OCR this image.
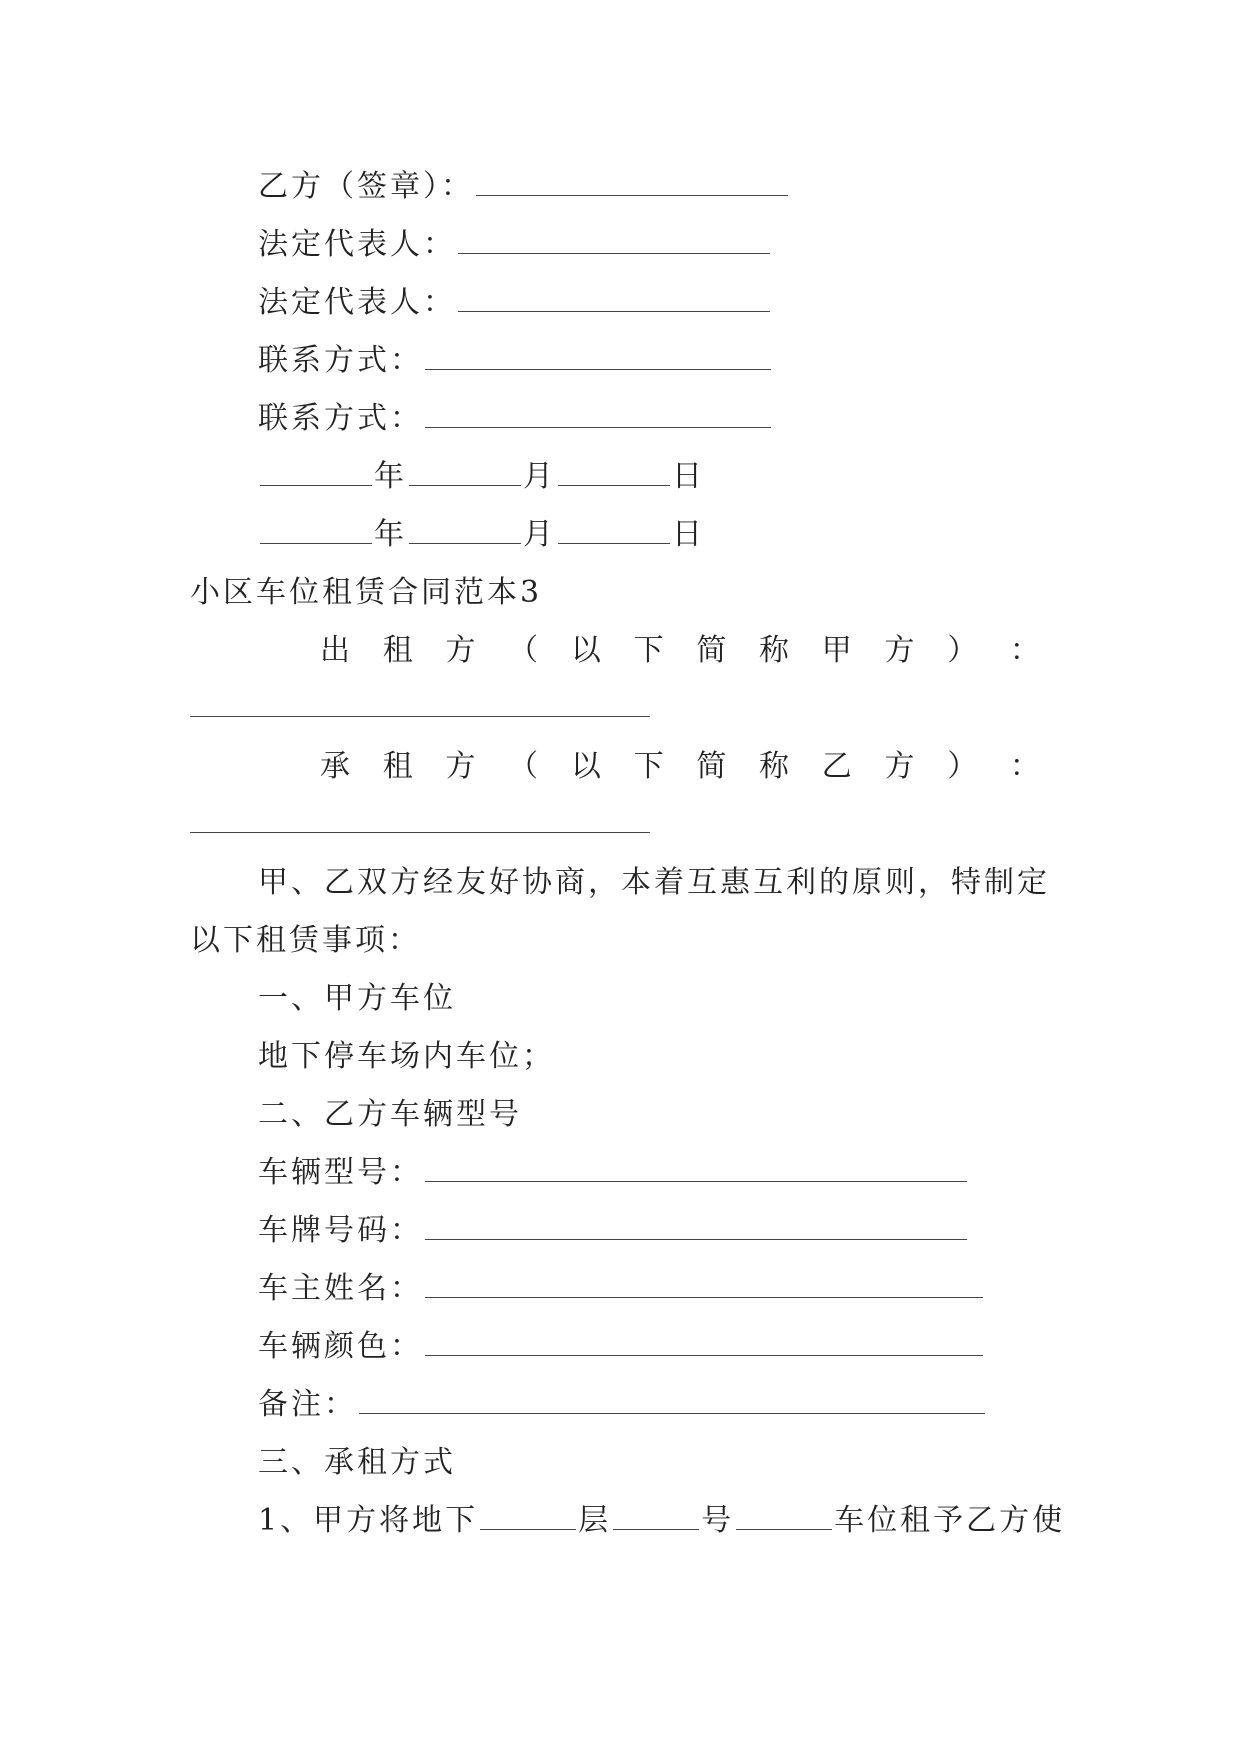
乙方（签章）：
法定代表人：
法定代表人：
联系方式：
联系方式：
年	月	日
年	月	日
小区车位租赁合同范本3
出 租 方 （ 以 下 简 称 甲 方 ） ：
承 租 方 （ 以 下 简 称 乙 方 ） ：
甲、乙双方经友好协商，本着互惠互利的原则，特制定
以下租赁事项：
一、甲方车位
地下停车场内车位；
二、乙方车辆型号
车辆型号：
车牌号码：
车主姓名：
车辆颜色：
备注：
三、承租方式
1、甲方将地下	层	号	车位租予乙方使
